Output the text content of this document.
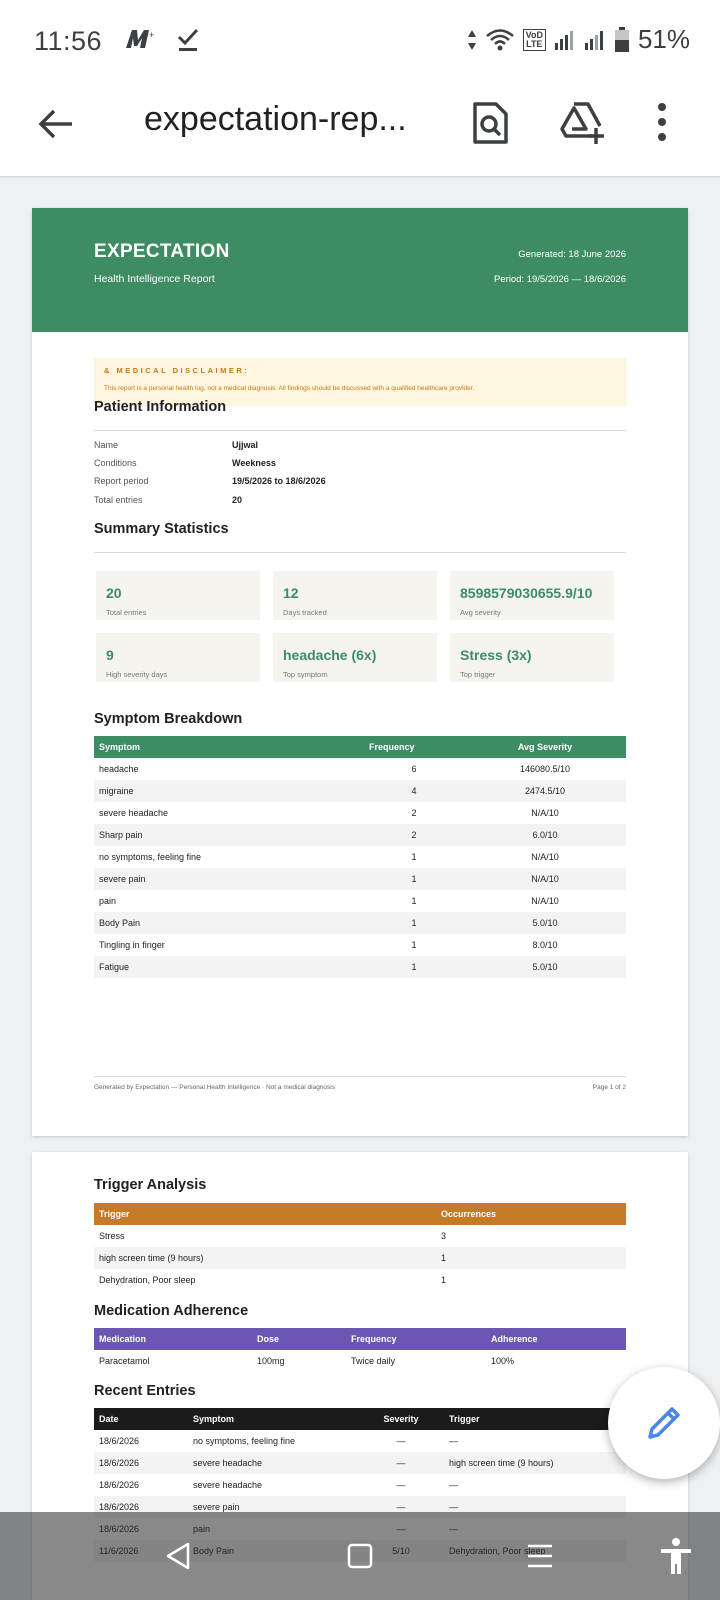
11:56	+	VoD
LTE	51%
expectation-rep...
EXPECTATION
Health Intelligence Report
Generated: 18 June 2026
Period: 19/5/2026 — 18/6/2026
& MEDICAL DISCLAIMER:
This report is a personal health log, not a medical diagnosis. All findings should be discussed with a qualified healthcare provider.
Patient Information
Name	Ujjwal
Conditions	Weekness
Report period	19/5/2026 to 18/6/2026
Total entries	20
Summary Statistics
20
Total entries
12
Days tracked
8598579030655.9/10
Avg severity
9
High severity days
headache (6x)
Top symptom
Stress (3x)
Top trigger
Symptom Breakdown
Symptom	Frequency	Avg Severity
headache	6	146080.5/10
migraine	4	2474.5/10
severe headache	2	N/A/10
Sharp pain	2	6.0/10
no symptoms, feeling fine	1	N/A/10
severe pain	1	N/A/10
pain	1	N/A/10
Body Pain	1	5.0/10
Tingling in finger	1	8.0/10
Fatigue	1	5.0/10
Generated by Expectation — Personal Health Intelligence · Not a medical diagnosis	Page 1 of 2
Trigger Analysis
Trigger	Occurrences
Stress	3
high screen time (9 hours)	1
Dehydration, Poor sleep	1
Medication Adherence
Medication	Dose	Frequency	Adherence
Paracetamol	100mg	Twice daily	100%
Recent Entries
Date	Symptom	Severity	Trigger
18/6/2026	no symptoms, feeling fine	—	—
18/6/2026	severe headache	—	high screen time (9 hours)
18/6/2026	severe headache	—	—
18/6/2026	severe pain	—	—
